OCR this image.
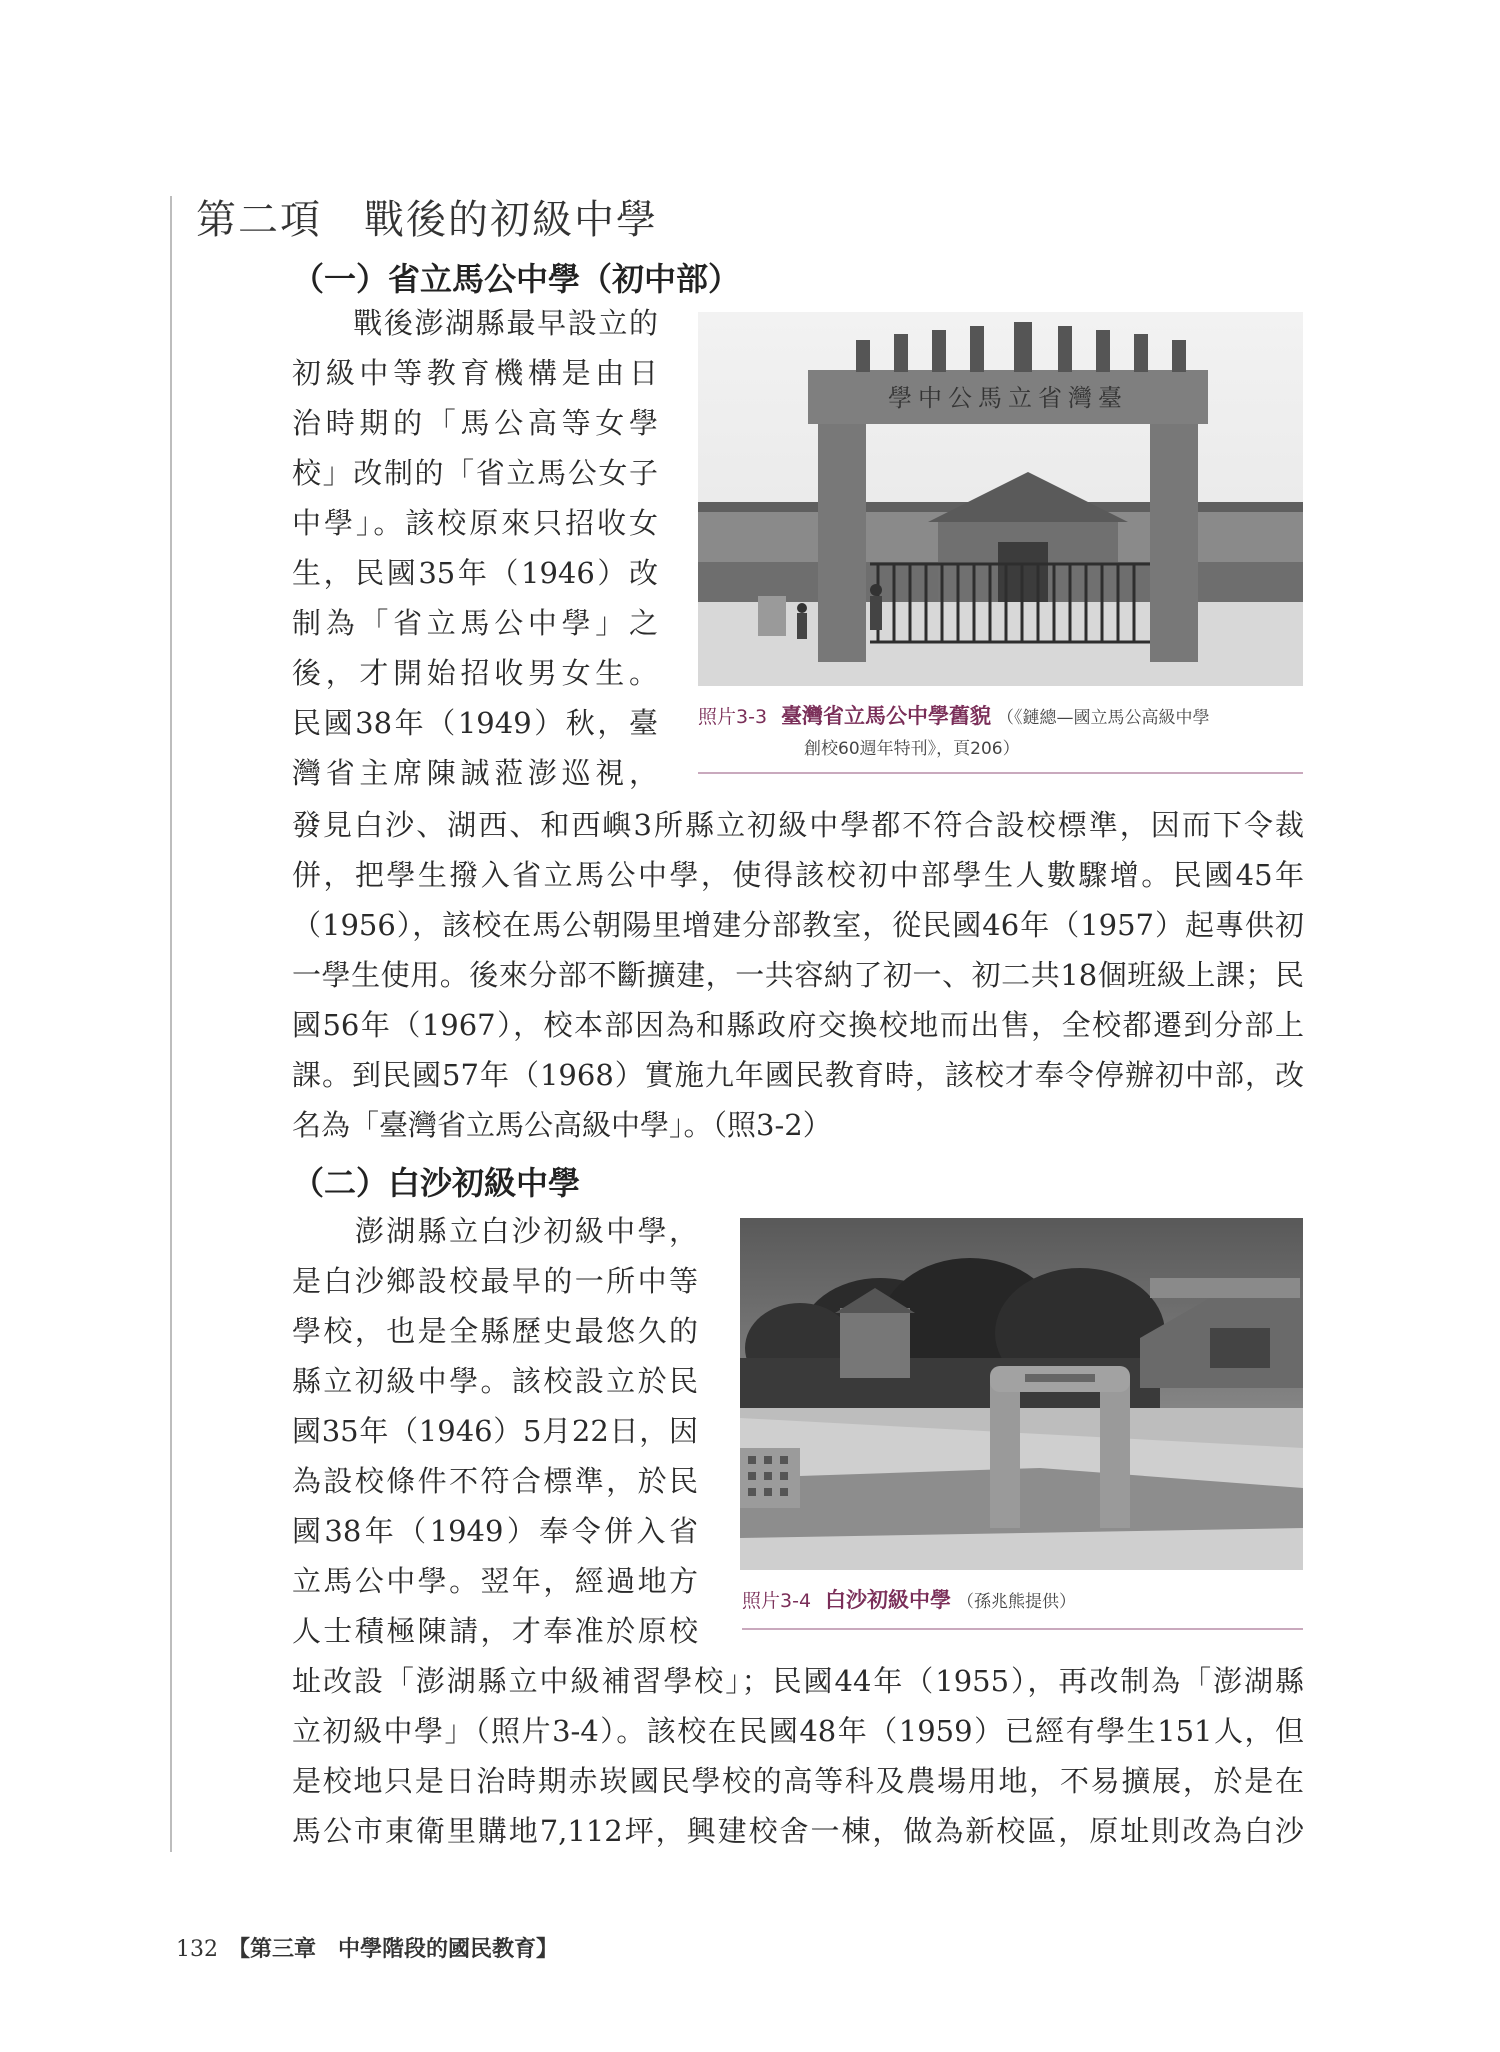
第二項　戰後的初級中學
（一）省立馬公中學（初中部）
　　戰後澎湖縣最早設立的
初級中等教育機構是由日
治時期的「馬公高等女學
校」改制的「省立馬公女子
中學」。該校原來只招收女
生，民國35年（1946）改
制為「省立馬公中學」之
後，才開始招收男女生。
民國38年（1949）秋，臺
灣省主席陳誠蒞澎巡視，
學中公馬立省灣臺
照片3-3 臺灣省立馬公中學舊貌 （《鏈總—國立馬公高級中學
創校60週年特刊》，頁206）
發見白沙、湖西、和西嶼3所縣立初級中學都不符合設校標準，因而下令裁
併，把學生撥入省立馬公中學，使得該校初中部學生人數驟增。民國45年
（1956），該校在馬公朝陽里增建分部教室，從民國46年（1957）起專供初
一學生使用。後來分部不斷擴建，一共容納了初一、初二共18個班級上課；民
國56年（1967），校本部因為和縣政府交換校地而出售，全校都遷到分部上
課。到民國57年（1968）實施九年國民教育時，該校才奉令停辦初中部，改
名為「臺灣省立馬公高級中學」。（照3-2）
（二）白沙初級中學
　　澎湖縣立白沙初級中學，
是白沙鄉設校最早的一所中等
學校，也是全縣歷史最悠久的
縣立初級中學。該校設立於民
國35年（1946）5月22日，因
為設校條件不符合標準，於民
國38年（1949）奉令併入省
立馬公中學。翌年，經過地方
人士積極陳請，才奉准於原校
照片3-4 白沙初級中學 （孫兆熊提供）
址改設「澎湖縣立中級補習學校」；民國44年（1955），再改制為「澎湖縣
立初級中學」（照片3-4）。該校在民國48年（1959）已經有學生151人，但
是校地只是日治時期赤崁國民學校的高等科及農場用地，不易擴展，於是在
馬公市東衛里購地7,112坪，興建校舍一棟，做為新校區，原址則改為白沙
132 【第三章　中學階段的國民教育】
